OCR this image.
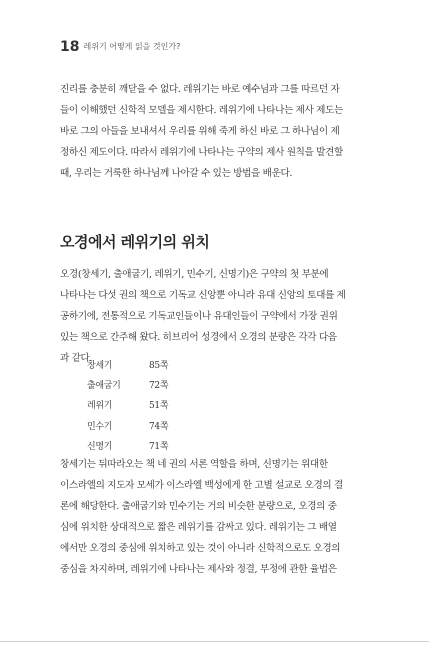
18 레위기 어떻게 읽을 것인가?
진리를 충분히 깨닫을 수 없다. 레위기는 바로 예수님과 그를 따르던 자
들이 이해했던 신학적 모델을 제시한다. 레위기에 나타나는 제사 제도는
바로 그의 아들을 보내셔서 우리를 위해 죽게 하신 바로 그 하나님이 제
정하신 제도이다. 따라서 레위기에 나타나는 구약의 제사 원칙을 발견할
때, 우리는 거룩한 하나님께 나아갈 수 있는 방법을 배운다.
오경에서 레위기의 위치
오경(창세기, 출애굽기, 레위기, 민수기, 신명기)은 구약의 첫 부분에
나타나는 다섯 권의 책으로 기독교 신앙뿐 아니라 유대 신앙의 토대를 제
공하기에, 전통적으로 기독교인들이나 유대인들이 구약에서 가장 권위
있는 책으로 간주해 왔다. 히브리어 성경에서 오경의 분량은 각각 다음
과 같다.
창세기	85쪽
출애굽기	72쪽
레위기	51쪽
민수기	74쪽
신명기	71쪽
창세기는 뒤따라오는 책 네 권의 서론 역할을 하며, 신명기는 위대한
이스라엘의 지도자 모세가 이스라엘 백성에게 한 고별 설교로 오경의 결
론에 해당한다. 출애굽기와 민수기는 거의 비슷한 분량으로, 오경의 중
심에 위치한 상대적으로 짧은 레위기를 감싸고 있다. 레위기는 그 배열
에서만 오경의 중심에 위치하고 있는 것이 아니라 신학적으로도 오경의
중심을 차지하며, 레위기에 나타나는 제사와 정결, 부정에 관한 율법은
